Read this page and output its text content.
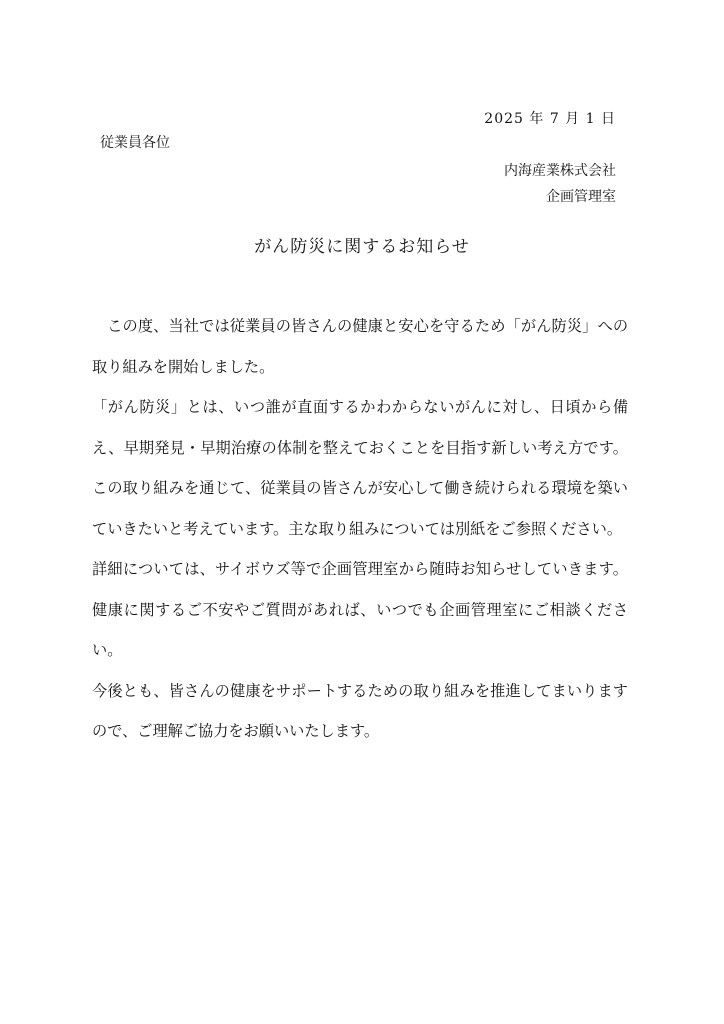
2025 年 7 月 1 日
従業員各位
内海産業株式会社
企画管理室
がん防災に関するお知らせ

この度、当社では従業員の皆さんの健康と安心を守るため「がん防災」への取り組みを開始しました。

「がん防災」とは、いつ誰が直面するかわからないがんに対し、日頃から備え、早期発見・早期治療の体制を整えておくことを目指す新しい考え方です。この取り組みを通じて、従業員の皆さんが安心して働き続けられる環境を築いていきたいと考えています。主な取り組みについては別紙をご参照ください。

詳細については、サイボウズ等で企画管理室から随時お知らせしていきます。健康に関するご不安やご質問があれば、いつでも企画管理室にご相談ください。

今後とも、皆さんの健康をサポートするための取り組みを推進してまいりますので、ご理解ご協力をお願いいたします。
